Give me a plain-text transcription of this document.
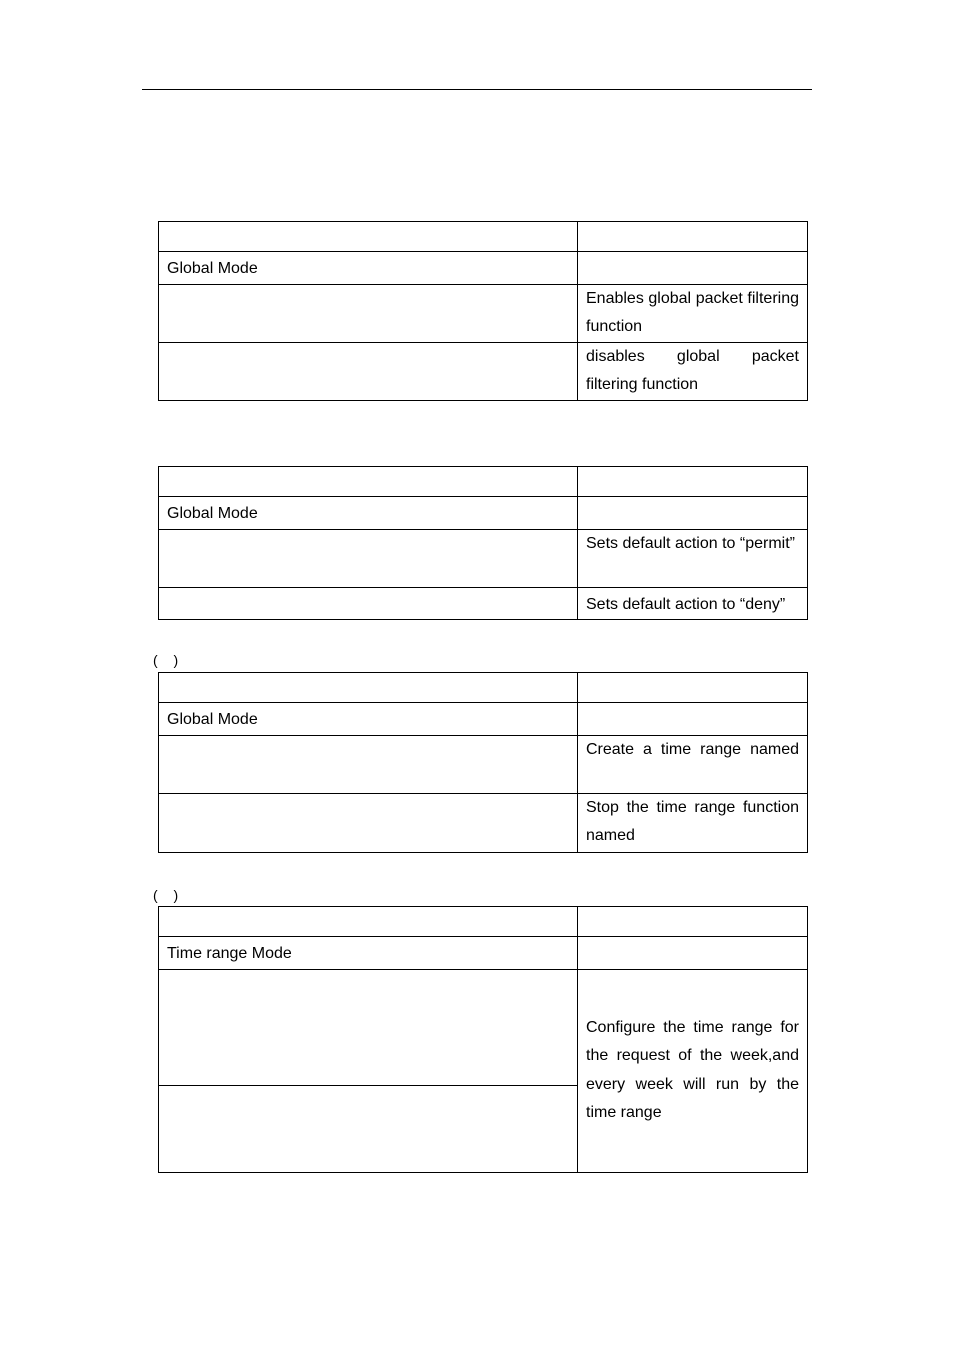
Global Mode	
	Enables global packet filtering function
	disables global packet filtering function

Global Mode	
	Sets default action to “permit”
	Sets default action to “deny”
( )

Global Mode	
	Create a time range named
	Stop the time range function named
( )

Time range Mode	
	Configure the time range for the request of the week,and every week will run by the time range
